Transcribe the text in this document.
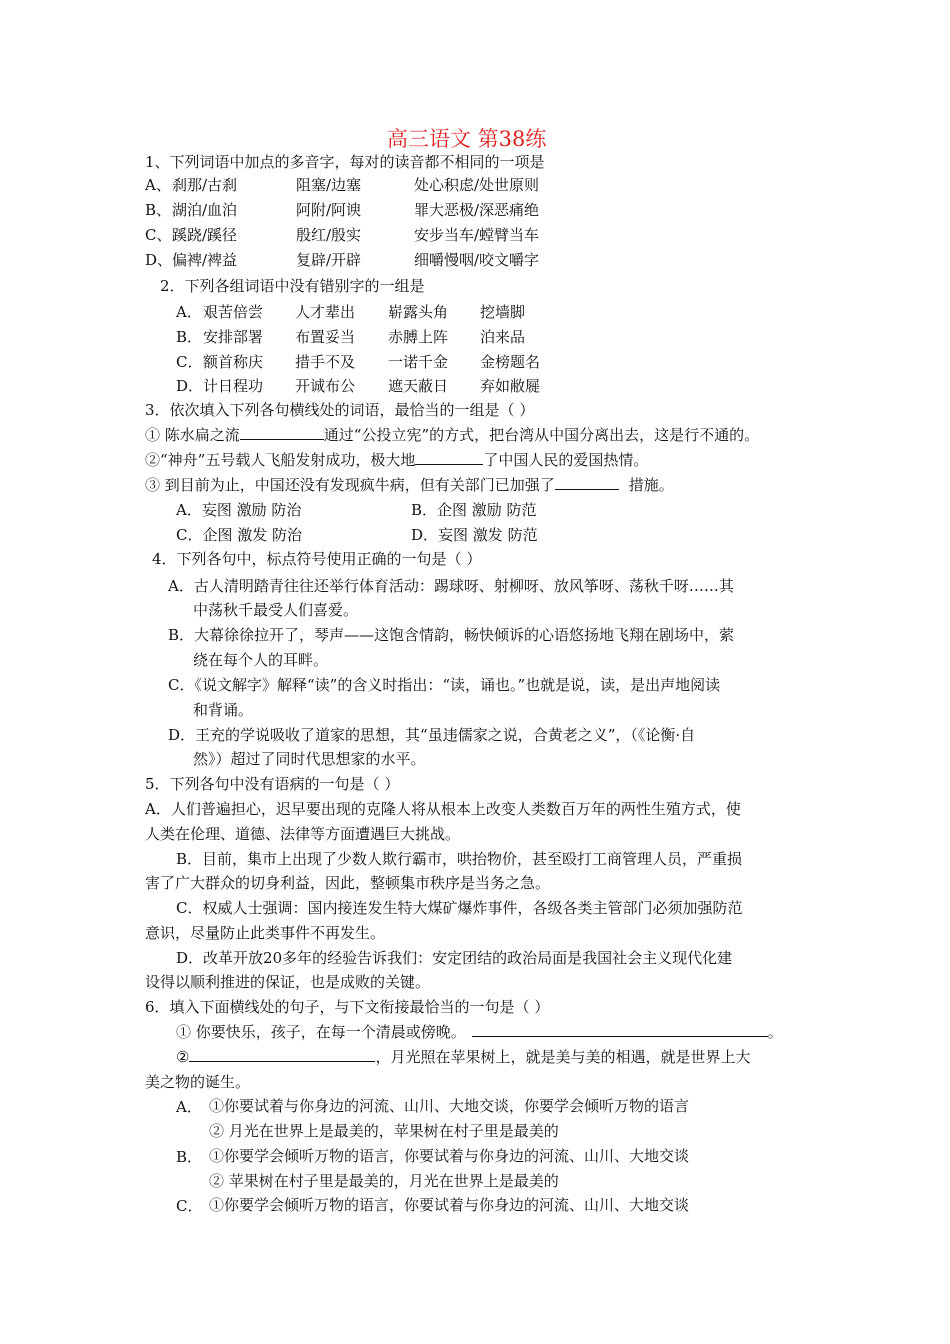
高三语文 第38练
1、下列词语中加点的多音字，每对的读音都不相同的一项是
A、 刹那/古刹	阻塞/边塞	处心积虑/处世原则
B、 湖泊/血泊	阿附/阿谀	罪大恶极/深恶痛绝
C、 蹊跷/蹊径	殷红/殷实	安步当车/螳臂当车
D、 偏裨/裨益	复辟/开辟	细嚼慢咽/咬文嚼字
2．下列各组词语中没有错别字的一组是
A． 艰苦倍尝 人才辈出 崭露头角 挖墙脚
B． 安排部署 布置妥当 赤膊上阵 泊来品
C． 额首称庆 措手不及 一诺千金 金榜题名
D． 计日程功 开诚布公 遮天蔽日 弃如敝屣
3．依次填入下列各句横线处的词语，最恰当的一组是（ ）
① 陈水扁之流	通过“公投立宪”的方式，把台湾从中国分离出去，这是行不通的。
②“神舟”五号载人飞船发射成功，极大地	了中国人民的爱国热情。
③ 到目前为止，中国还没有发现疯牛病，但有关部门已加强了	措施。
A．妄图 激励 防治	B．企图 激励 防范
C．企图 激发 防治	D．妄图 激发 防范
4．下列各句中，标点符号使用正确的一句是（ ）
A．古人清明踏青往往还举行体育活动：踢球呀、射柳呀、放风筝呀、荡秋千呀……其
中荡秋千最受人们喜爱。
B．大幕徐徐拉开了，琴声——这饱含情韵，畅快倾诉的心语悠扬地飞翔在剧场中，萦
绕在每个人的耳畔。
C．《说文解字》解释“读”的含义时指出：“读，诵也。”也就是说，读，是出声地阅读
和背诵。
D．王充的学说吸收了道家的思想，其“虽违儒家之说，合黄老之义”，（《论衡·自
然》）超过了同时代思想家的水平。
5．下列各句中没有语病的一句是（ ）
A．人们普遍担心，迟早要出现的克隆人将从根本上改变人类数百万年的两性生殖方式，使
人类在伦理、道德、法律等方面遭遇巨大挑战。
B．目前，集市上出现了少数人欺行霸市，哄抬物价，甚至殴打工商管理人员，严重损
害了广大群众的切身利益，因此，整顿集市秩序是当务之急。
C．权威人士强调：国内接连发生特大煤矿爆炸事件，各级各类主管部门必须加强防范
意识，尽量防止此类事件不再发生。
D．改革开放20多年的经验告诉我们：安定团结的政治局面是我国社会主义现代化建
设得以顺利推进的保证，也是成败的关键。
6．填入下面横线处的句子，与下文衔接最恰当的一句是（ ）
① 你要快乐，孩子，在每一个清晨或傍晚。	。
②	，月光照在苹果树上，就是美与美的相遇，就是世界上大
美之物的诞生。
A． ①你要试着与你身边的河流、山川、大地交谈，你要学会倾听万物的语言
② 月光在世界上是最美的，苹果树在村子里是最美的
B． ①你要学会倾听万物的语言，你要试着与你身边的河流、山川、大地交谈
② 苹果树在村子里是最美的，月光在世界上是最美的
C． ①你要学会倾听万物的语言，你要试着与你身边的河流、山川、大地交谈
